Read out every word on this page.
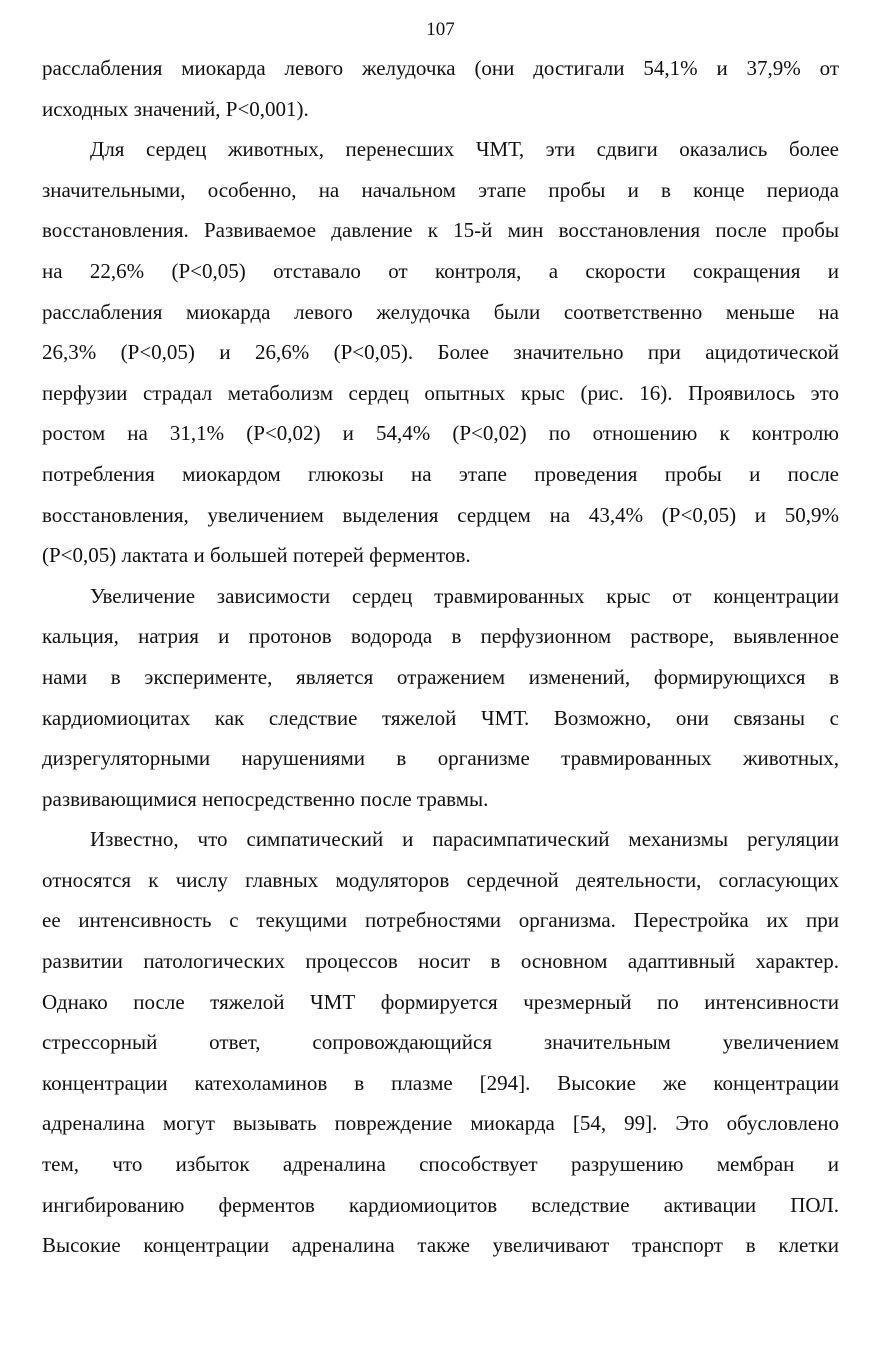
107
расслабления миокарда левого желудочка (они достигали 54,1% и 37,9% от
исходных значений, P<0,001).
Для сердец животных, перенесших ЧМТ, эти сдвиги оказались более
значительными, особенно, на начальном этапе пробы и в конце периода
восстановления. Развиваемое давление к 15-й мин восстановления после пробы
на 22,6% (P<0,05) отставало от контроля, а скорости сокращения и
расслабления миокарда левого желудочка были соответственно меньше на
26,3% (P<0,05) и 26,6% (P<0,05). Более значительно при ацидотической
перфузии страдал метаболизм сердец опытных крыс (рис. 16). Проявилось это
ростом на 31,1% (P<0,02) и 54,4% (P<0,02) по отношению к контролю
потребления миокардом глюкозы на этапе проведения пробы и после
восстановления, увеличением выделения сердцем на 43,4% (P<0,05) и 50,9%
(P<0,05) лактата и большей потерей ферментов.
Увеличение зависимости сердец травмированных крыс от концентрации
кальция, натрия и протонов водорода в перфузионном растворе, выявленное
нами в эксперименте, является отражением изменений, формирующихся в
кардиомиоцитах как следствие тяжелой ЧМТ. Возможно, они связаны с
дизрегуляторными нарушениями в организме травмированных животных,
развивающимися непосредственно после травмы.
Известно, что симпатический и парасимпатический механизмы регуляции
относятся к числу главных модуляторов сердечной деятельности, согласующих
ее интенсивность с текущими потребностями организма. Перестройка их при
развитии патологических процессов носит в основном адаптивный характер.
Однако после тяжелой ЧМТ формируется чрезмерный по интенсивности
стрессорный ответ, сопровождающийся значительным увеличением
концентрации катехоламинов в плазме [294]. Высокие же концентрации
адреналина могут вызывать повреждение миокарда [54, 99]. Это обусловлено
тем, что избыток адреналина способствует разрушению мембран и
ингибированию ферментов кардиомиоцитов вследствие активации ПОЛ.
Высокие концентрации адреналина также увеличивают транспорт в клетки
